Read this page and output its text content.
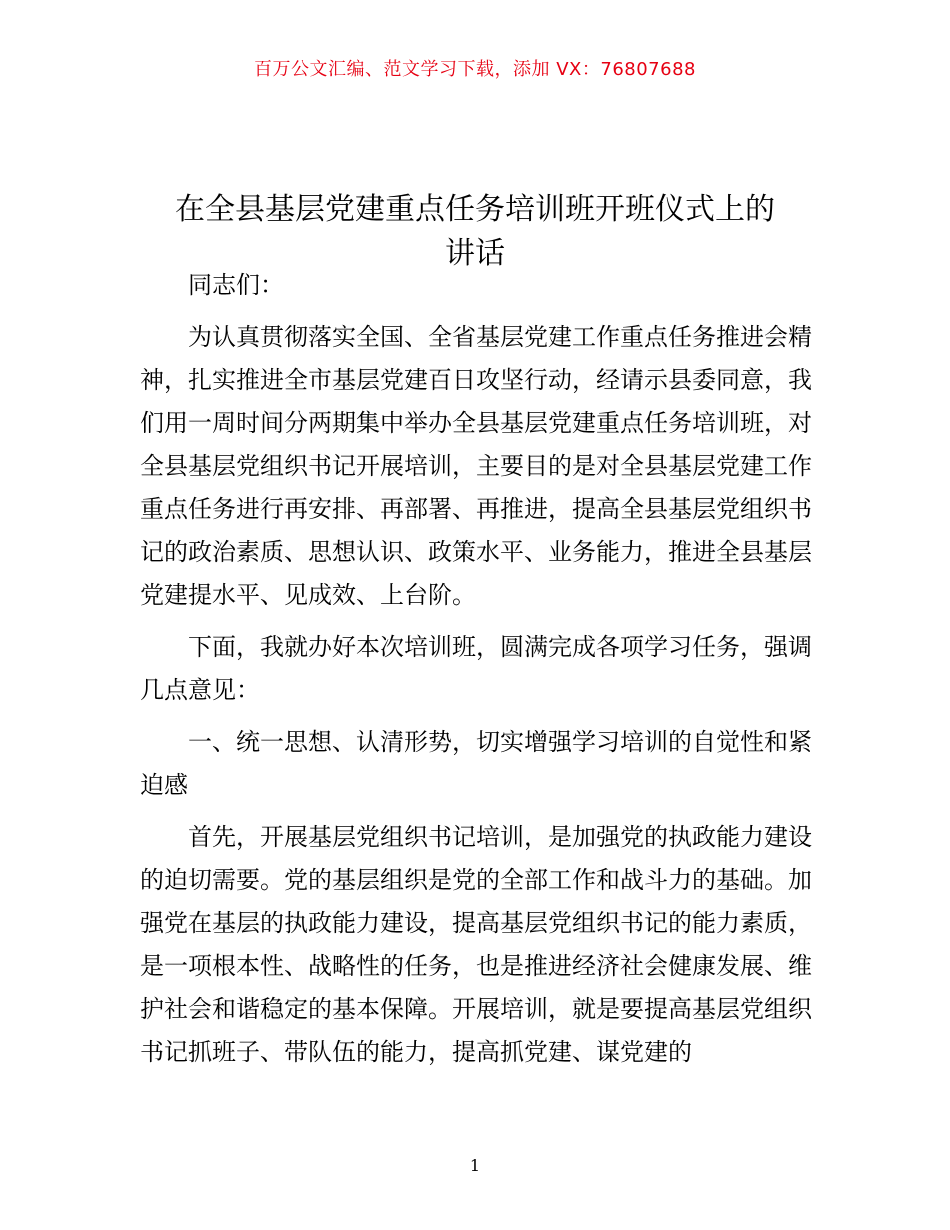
百万公文汇编、范文学习下载，添加 VX：76807688
在全县基层党建重点任务培训班开班仪式上的
讲话

同志们：

为认真贯彻落实全国、全省基层党建工作重点任务推进会精神，扎实推进全市基层党建百日攻坚行动，经请示县委同意，我们用一周时间分两期集中举办全县基层党建重点任务培训班，对全县基层党组织书记开展培训，主要目的是对全县基层党建工作重点任务进行再安排、再部署、再推进，提高全县基层党组织书记的政治素质、思想认识、政策水平、业务能力，推进全县基层党建提水平、见成效、上台阶。

下面，我就办好本次培训班，圆满完成各项学习任务，强调几点意见：

一、统一思想、认清形势，切实增强学习培训的自觉性和紧迫感

首先，开展基层党组织书记培训，是加强党的执政能力建设的迫切需要。党的基层组织是党的全部工作和战斗力的基础。加强党在基层的执政能力建设，提高基层党组织书记的能力素质，是一项根本性、战略性的任务，也是推进经济社会健康发展、维护社会和谐稳定的基本保障。开展培训，就是要提高基层党组织书记抓班子、带队伍的能力，提高抓党建、谋党建的

1
